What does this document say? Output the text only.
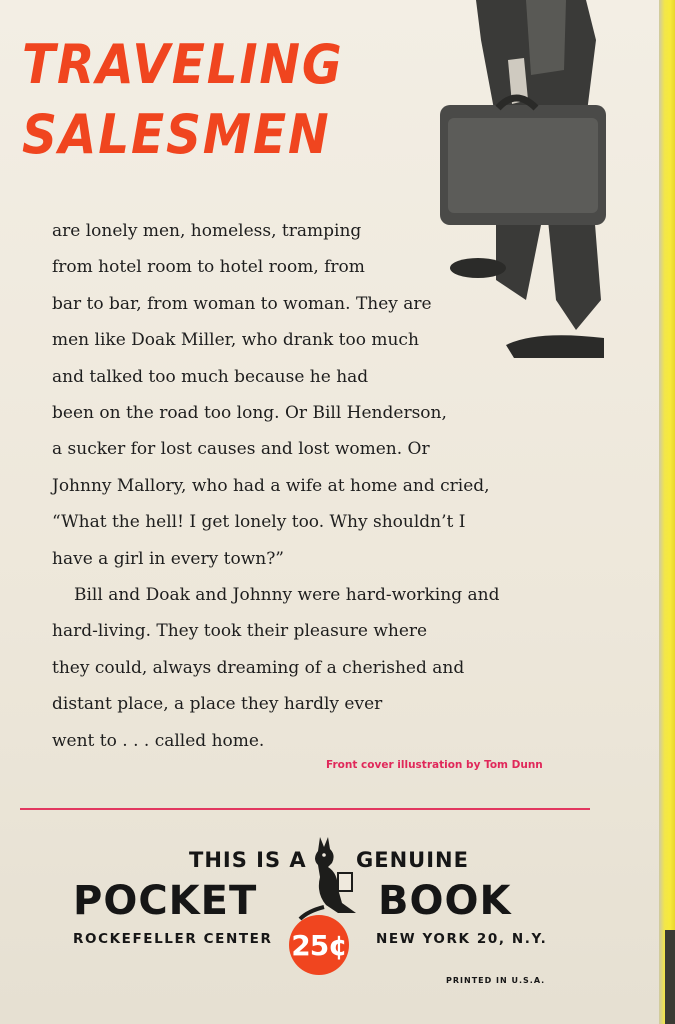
TRAVELING
SALESMEN
are lonely men, homeless, tramping
from hotel room to hotel room, from
bar to bar, from woman to woman. They are
men like Doak Miller, who drank too much
and talked too much because he had
been on the road too long. Or Bill Henderson,
a sucker for lost causes and lost women. Or
Johnny Mallory, who had a wife at home and cried,
“What the hell! I get lonely too. Why shouldn’t I
have a girl in every town?”
Bill and Doak and Johnny were hard-working and
hard-living. They took their pleasure where
they could, always dreaming of a cherished and
distant place, a place they hardly ever
went to . . . called home.
Front cover illustration by Tom Dunn
THIS IS A GENUINE
POCKET	BOOK
ROCKEFELLER CENTER	NEW YORK 20, N.Y.
25¢
PRINTED IN U.S.A.
